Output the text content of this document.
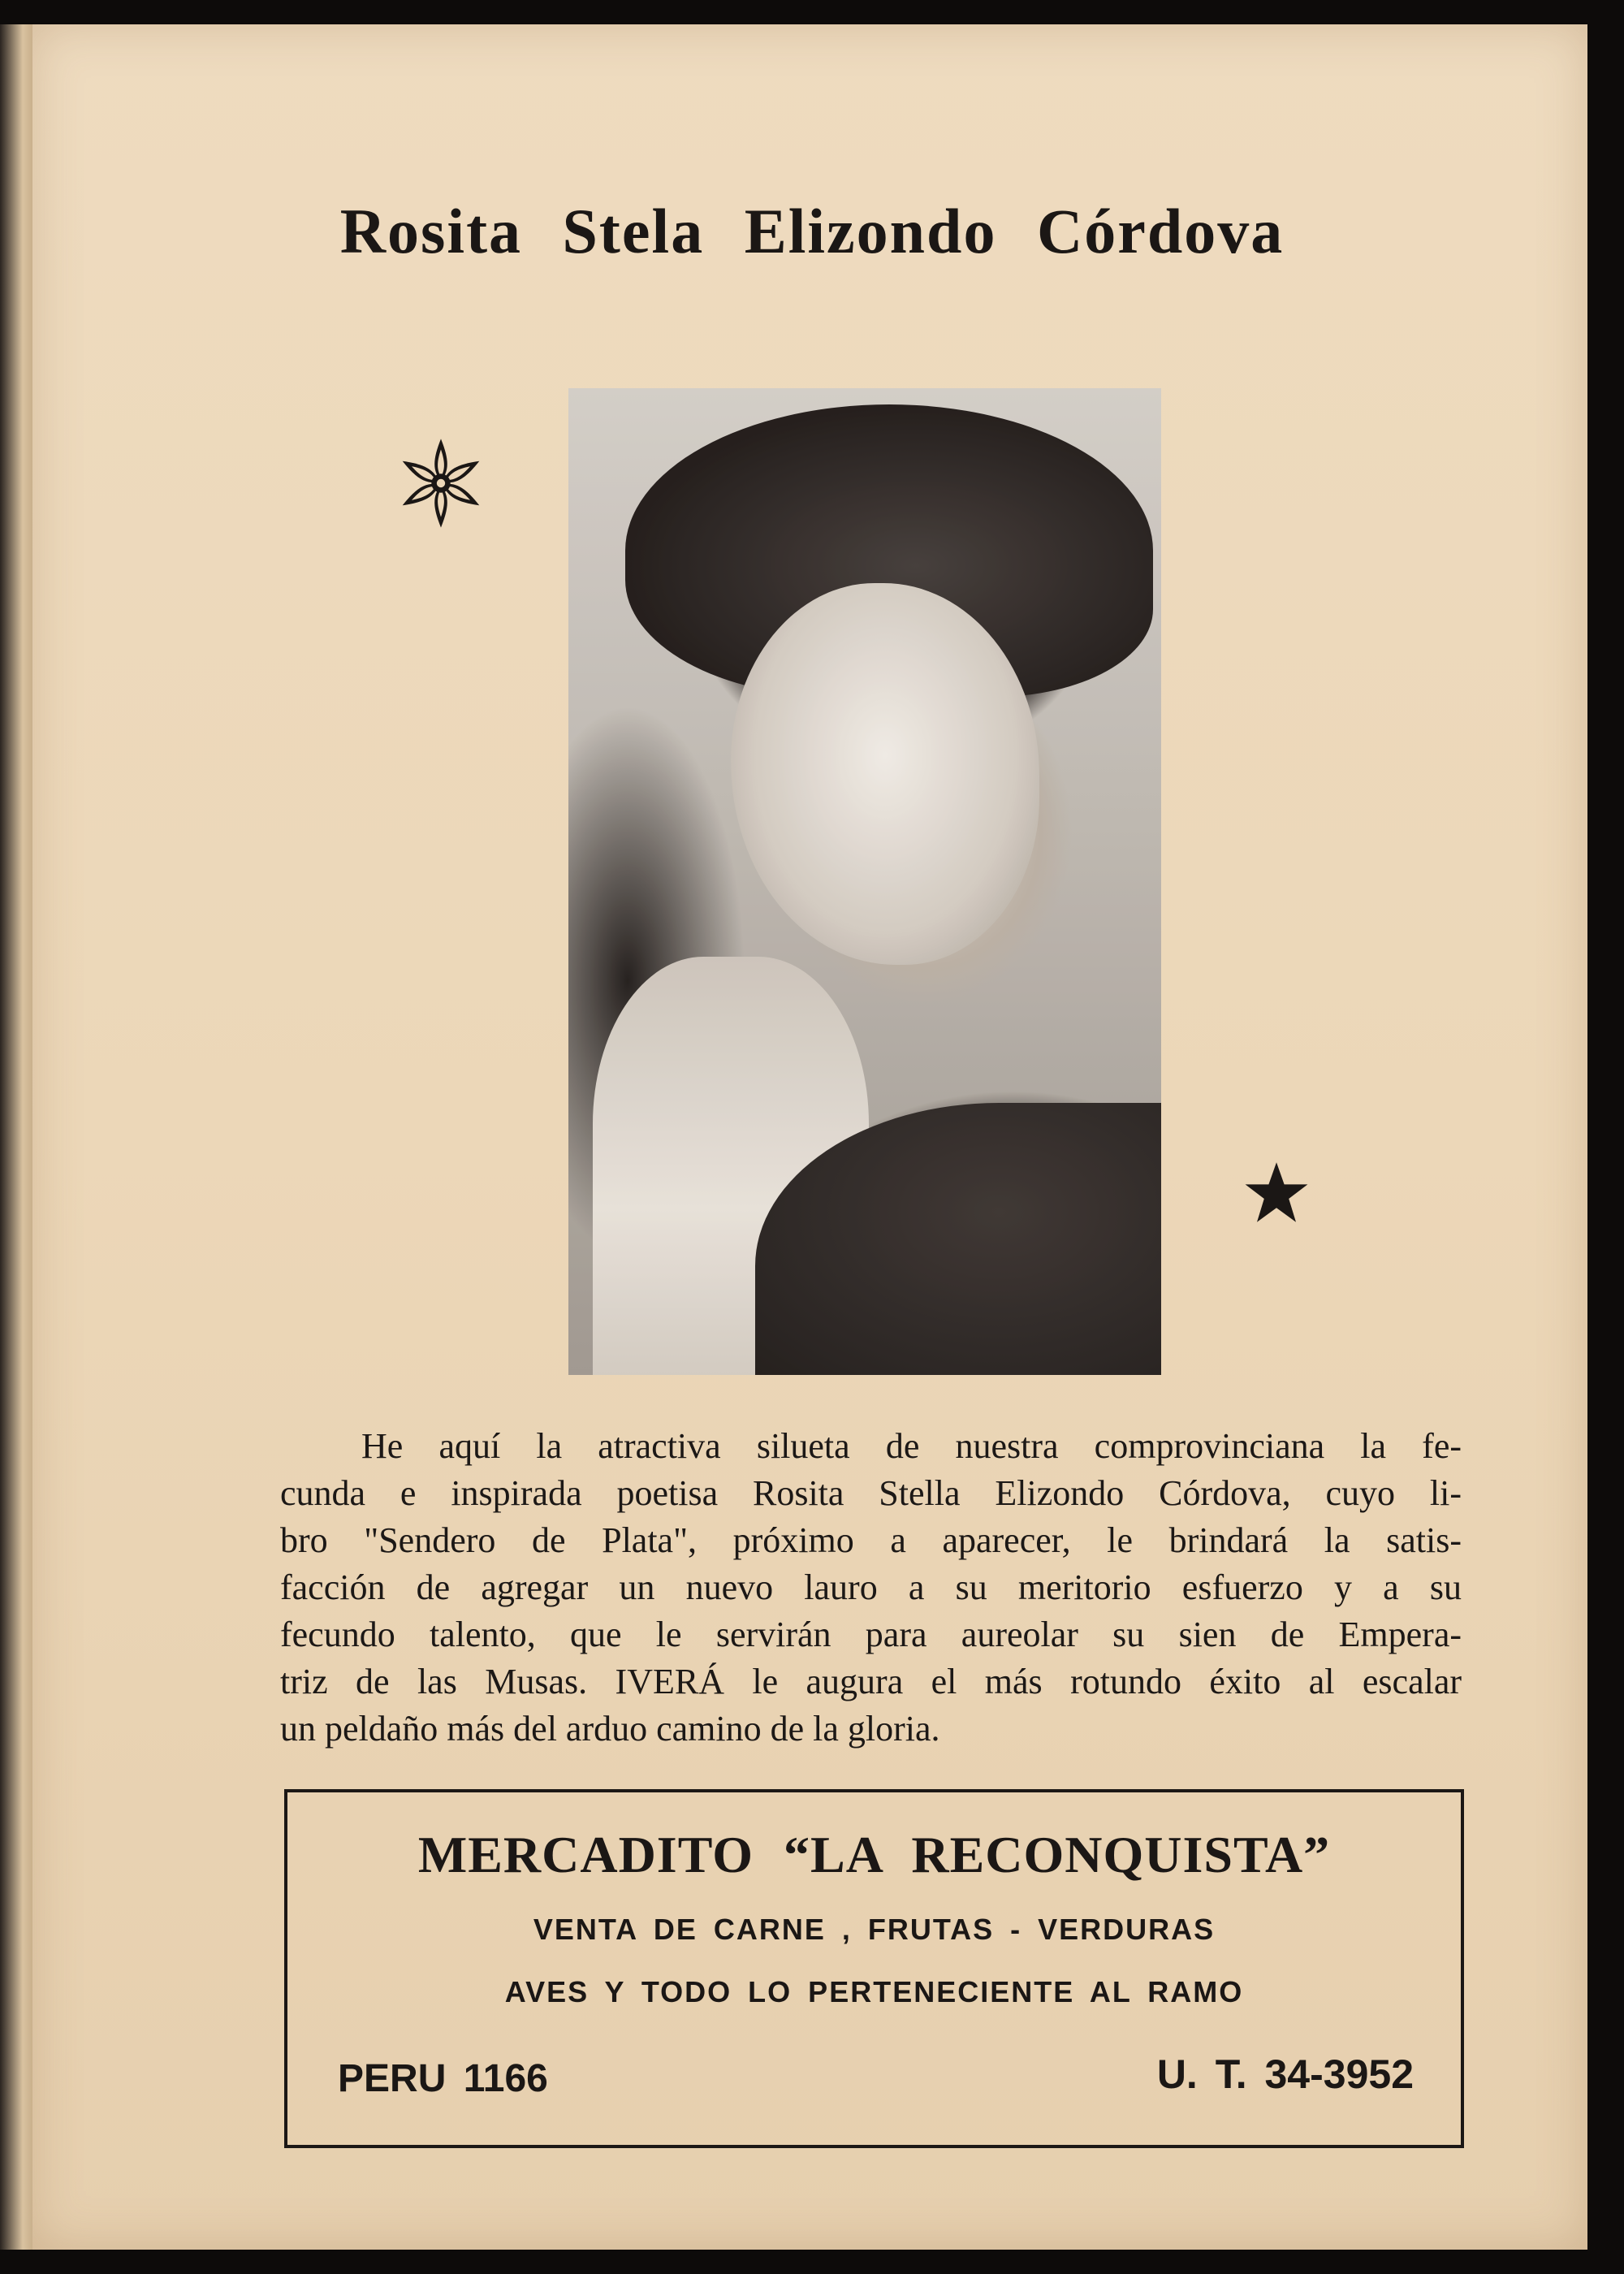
Rosita Stela Elizondo Córdova
He aquí la atractiva silueta de nuestra comprovinciana la fe-
cunda e inspirada poetisa Rosita Stella Elizondo Córdova, cuyo li-
bro "Sendero de Plata", próximo a aparecer, le brindará la satis-
facción de agregar un nuevo lauro a su meritorio esfuerzo y a su
fecundo talento, que le servirán para aureolar su sien de Empera-
triz de las Musas. IVERÁ le augura el más rotundo éxito al escalar
un peldaño más del arduo camino de la gloria.
MERCADITO “LA RECONQUISTA”
VENTA DE CARNE , FRUTAS - VERDURAS
AVES Y TODO LO PERTENECIENTE AL RAMO
PERU 1166	U. T. 34-3952
